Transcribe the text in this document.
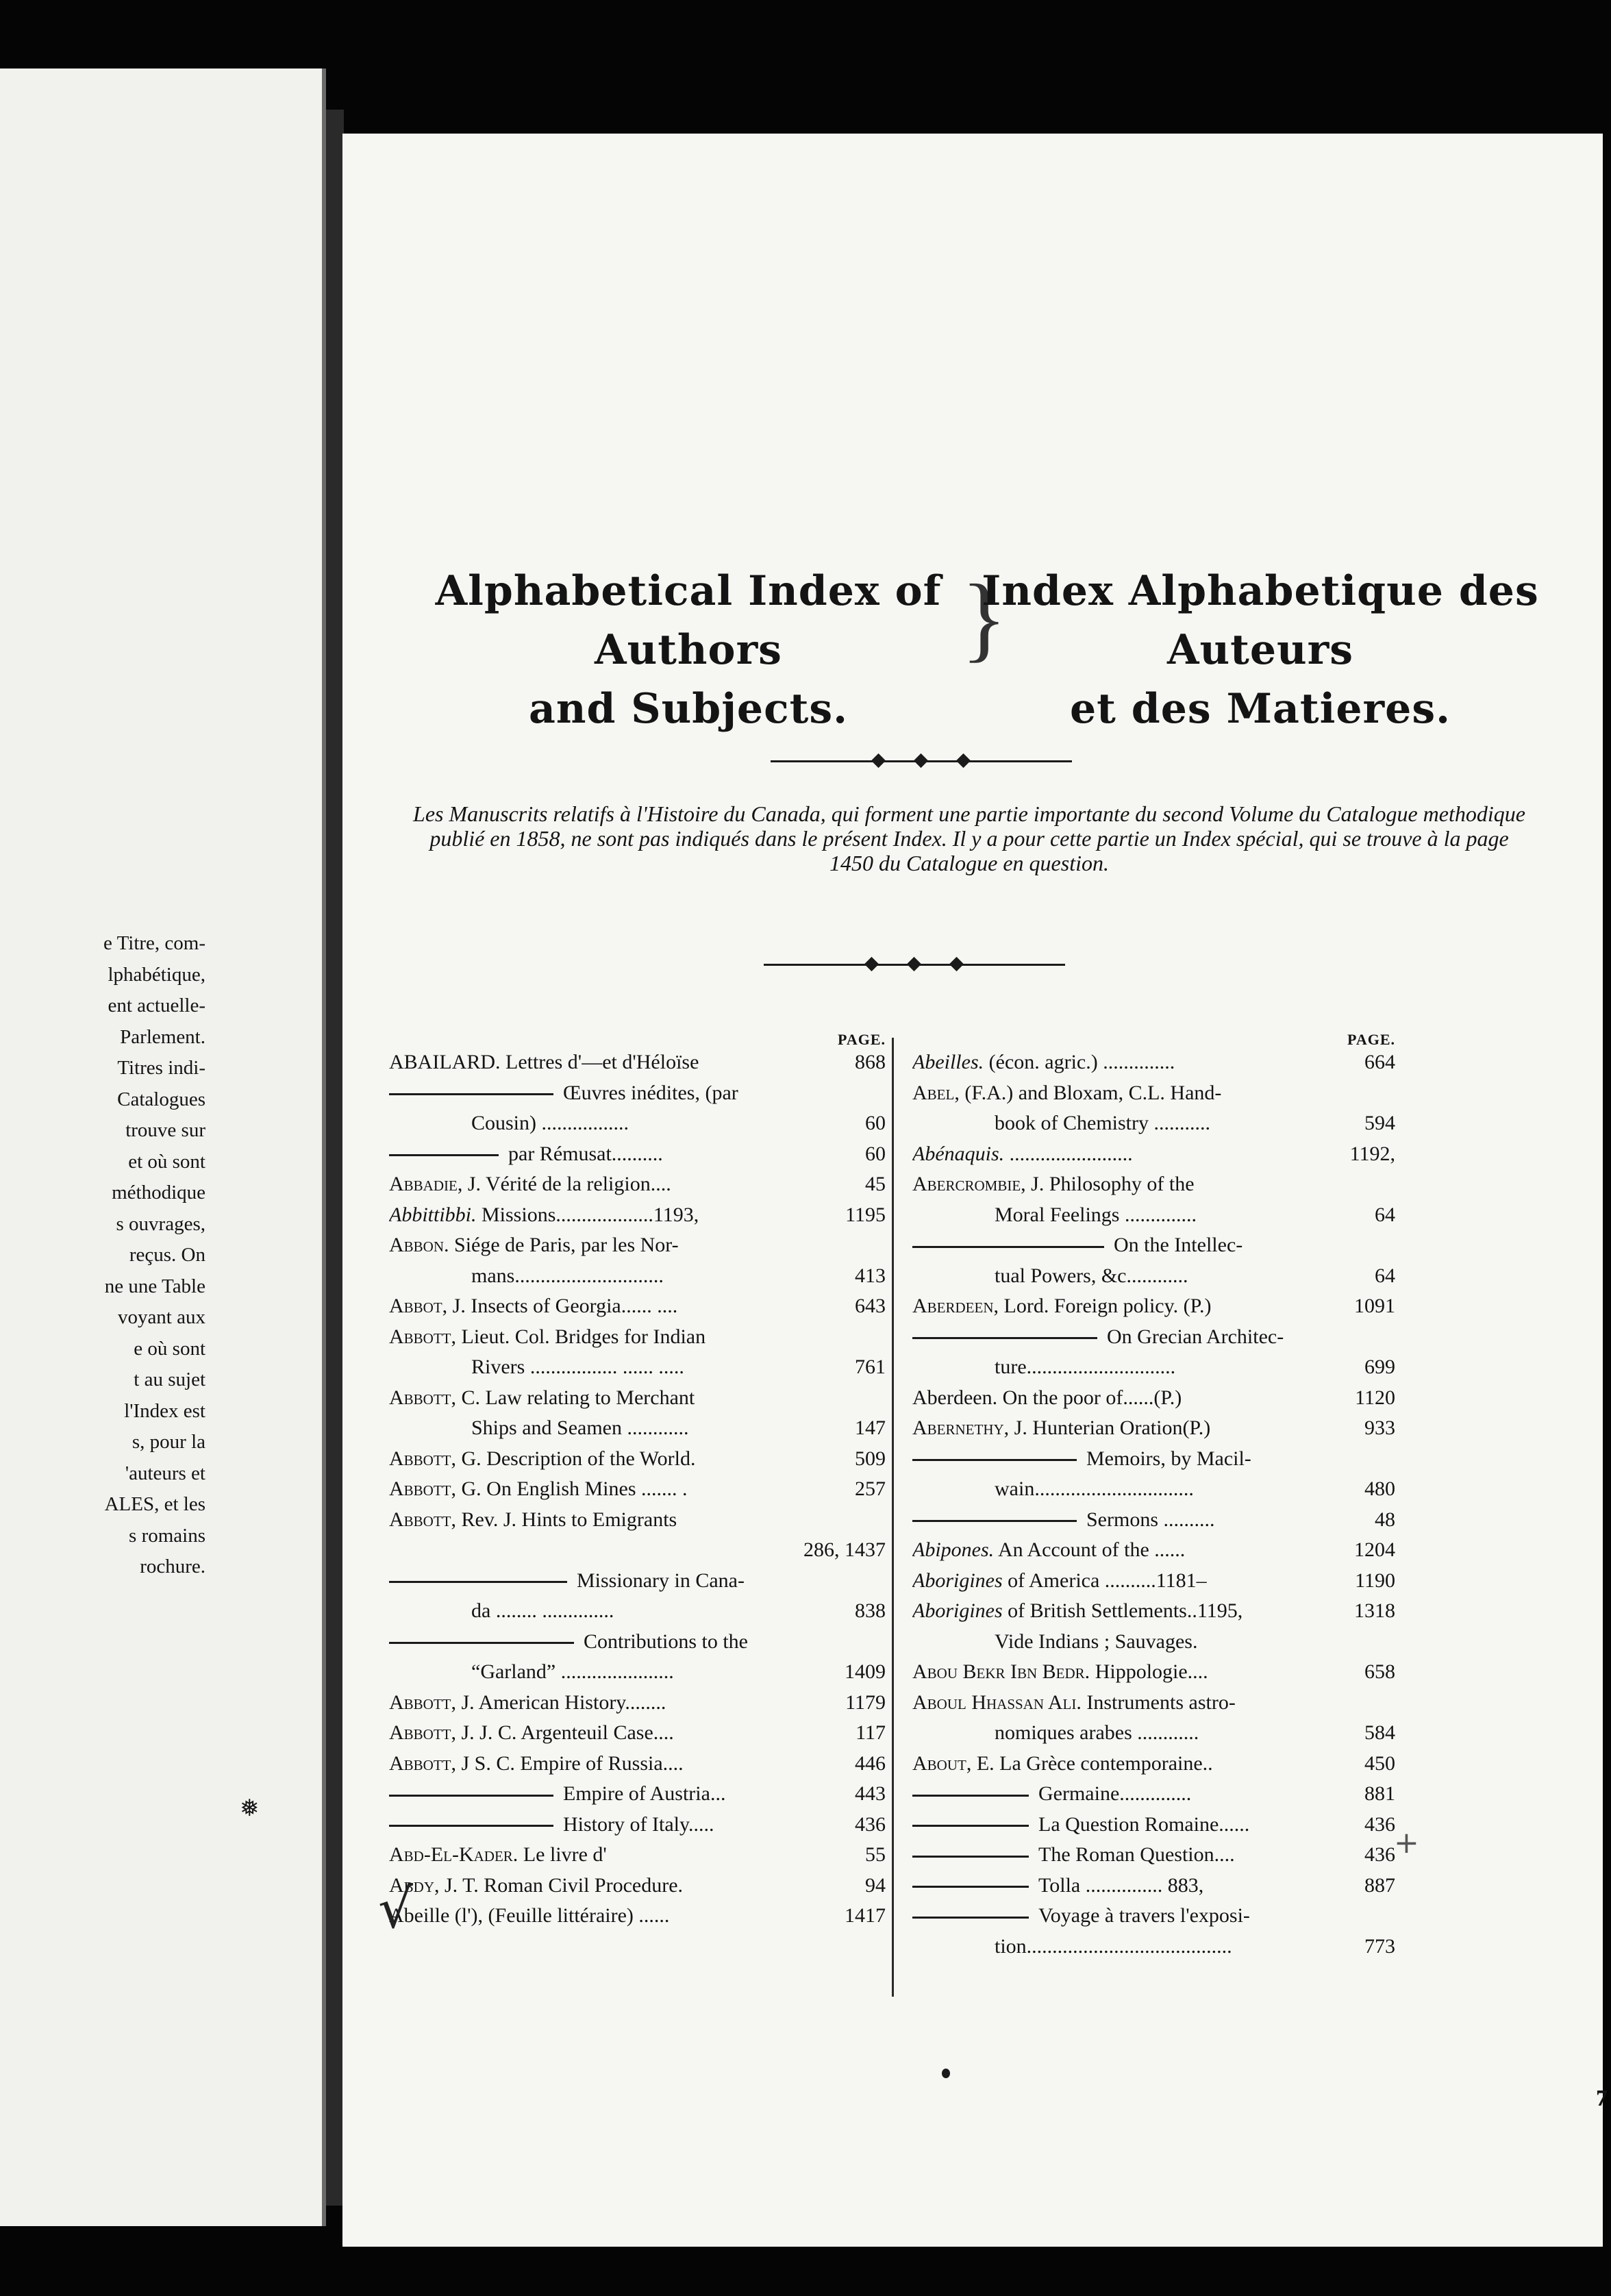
e Titre, com-
lphabétique,
ent actuelle-
Parlement.
Titres indi-
Catalogues
trouve sur
et où sont
méthodique
s ouvrages,
reçus. On
ne une Table
voyant aux
e où sont
t au sujet
l'Index est
s, pour la
'auteurs et
ALES, et les
s romains
rochure.
❅
Alphabetical Index of Authors
and Subjects.
}
Index Alphabetique des Auteurs
et des Matieres.
Les Manuscrits relatifs à l'Histoire du Canada, qui forment une partie importante du second Volume du Catalogue methodique publié en 1858, ne sont pas indiqués dans le présent Index. Il y a pour cette partie un Index spécial, qui se trouve à la page 1450 du Catalogue en question.
PAGE.
ABAILARD. Lettres d'—et d'Héloïse	868
Œuvres inédites, (par
Cousin) .................	60
par Rémusat..........	60
Abbadie, J. Vérité de la religion....	45
Abbittibbi. Missions...................1193,	1195
Abbon. Siége de Paris, par les Nor-
mans.............................	413
Abbot, J. Insects of Georgia...... ....	643
Abbott, Lieut. Col. Bridges for Indian
Rivers ................. ...... .....	761
Abbott, C. Law relating to Merchant
Ships and Seamen ............	147
Abbott, G. Description of the World.	509
Abbott, G. On English Mines ....... .	257
Abbott, Rev. J. Hints to Emigrants
286, 1437
Missionary in Cana-
da ........ ..............	838
Contributions to the
“Garland” ......................	1409
Abbott, J. American History........	1179
Abbott, J. J. C. Argenteuil Case....	117
Abbott, J S. C. Empire of Russia....	446
Empire of Austria...	443
History of Italy.....	436
Abd-El-Kader. Le livre d'	55
Abdy, J. T. Roman Civil Procedure.	94
Abeille (l'), (Feuille littéraire) ......	1417
PAGE.
Abeilles. (écon. agric.) ..............	664
Abel, (F.A.) and Bloxam, C.L. Hand-
book of Chemistry ...........	594
Abénaquis. ........................	1192,
Abercrombie, J. Philosophy of the
Moral Feelings ..............	64
On the Intellec-
tual Powers, &c............	64
Aberdeen, Lord. Foreign policy. (P.)	1091
On Grecian Architec-
ture.............................	699
Aberdeen. On the poor of......(P.)	1120
Abernethy, J. Hunterian Oration(P.)	933
Memoirs, by Macil-
wain...............................	480
Sermons ..........	48
Abipones. An Account of the ......	1204
Aborigines of America ..........1181–	1190
Aborigines of British Settlements..1195,	1318
Vide Indians ; Sauvages.
Abou Bekr Ibn Bedr. Hippologie....	658
Aboul Hhassan Ali. Instruments astro-
nomiques arabes ............	584
About, E. La Grèce contemporaine..	450
Germaine..............	881
La Question Romaine......	436
The Roman Question....	436
Tolla ............... 883,	887
Voyage à travers l'exposi-
tion........................................	773
7
√
+
